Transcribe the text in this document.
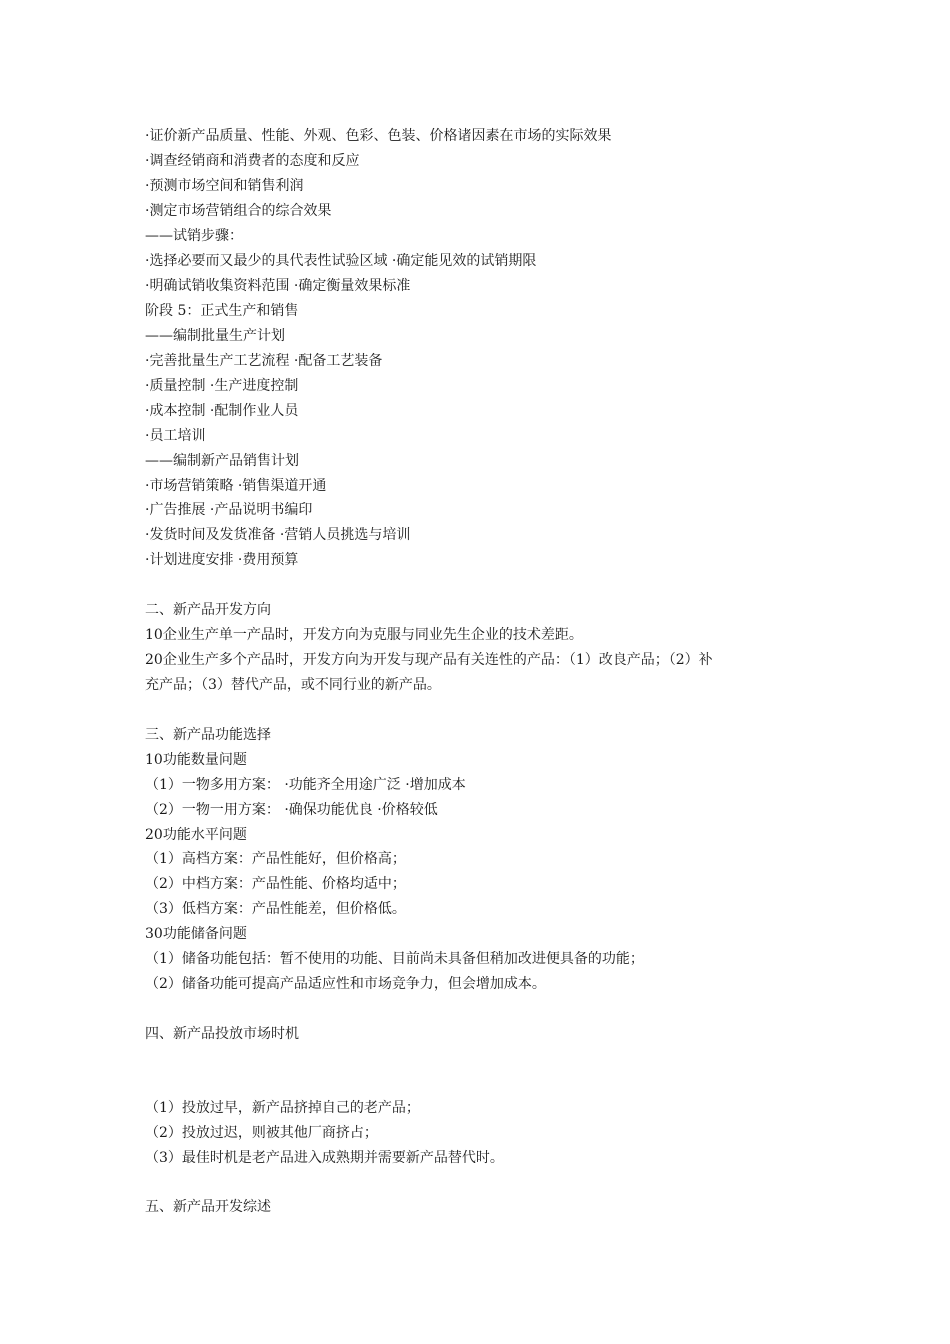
·证价新产品质量、性能、外观、色彩、色装、价格诸因素在市场的实际效果
·调查经销商和消费者的态度和反应
·预测市场空间和销售利润
·测定市场营销组合的综合效果
——试销步骤：
·选择必要而又最少的具代表性试验区域 ·确定能见效的试销期限
·明确试销收集资料范围 ·确定衡量效果标准
阶段 5：正式生产和销售
——编制批量生产计划
·完善批量生产工艺流程 ·配备工艺装备
·质量控制 ·生产进度控制
·成本控制 ·配制作业人员
·员工培训
——编制新产品销售计划
·市场营销策略 ·销售渠道开通
·广告推展 ·产品说明书编印
·发货时间及发货准备 ·营销人员挑选与培训
·计划进度安排 ·费用预算
二、新产品开发方向
10企业生产单一产品时，开发方向为克服与同业先生企业的技术差距。
20企业生产多个产品时，开发方向为开发与现产品有关连性的产品：（1）改良产品；（2）补
充产品；（3）替代产品，或不同行业的新产品。
三、新产品功能选择
10功能数量问题
（1）一物多用方案： ·功能齐全用途广泛 ·增加成本
（2）一物一用方案： ·确保功能优良 ·价格较低
20功能水平问题
（1）高档方案：产品性能好，但价格高；
（2）中档方案：产品性能、价格均适中；
（3）低档方案：产品性能差，但价格低。
30功能储备问题
（1）储备功能包括：暂不使用的功能、目前尚未具备但稍加改进便具备的功能；
（2）储备功能可提高产品适应性和市场竞争力，但会增加成本。
四、新产品投放市场时机
（1）投放过早，新产品挤掉自己的老产品；
（2）投放过迟，则被其他厂商挤占；
（3）最佳时机是老产品进入成熟期并需要新产品替代时。
五、新产品开发综述
